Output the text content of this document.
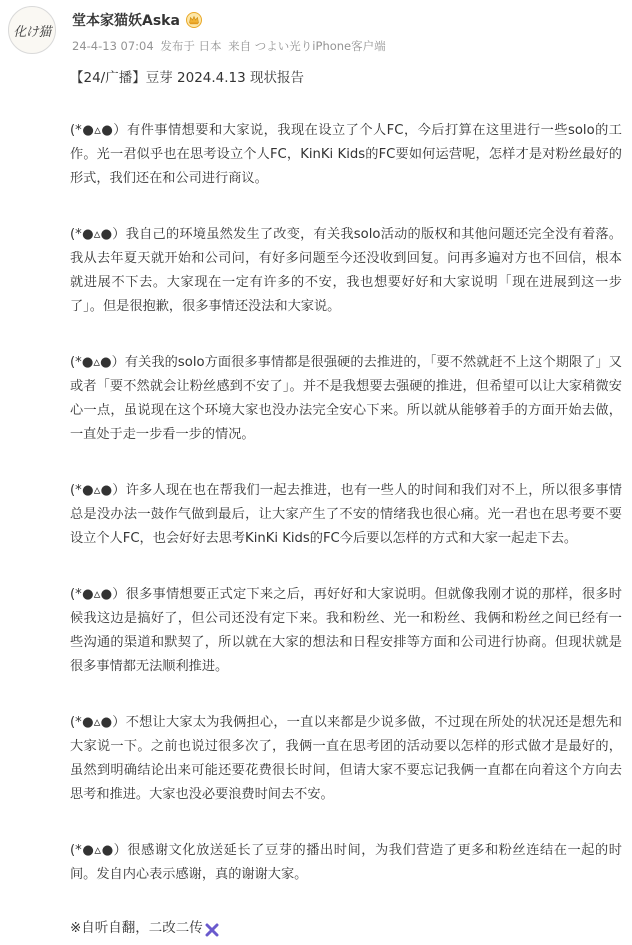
化け猫
堂本家猫妖Aska
24-4-13 07:04 发布于 日本 来自 つよい光りiPhone客户端
【24/广播】豆芽 2024.4.13 现状报告
(*●▵●）有件事情想要和大家说，我现在设立了个人FC，今后打算在这里进行一些solo的工作。光一君似乎也在思考设立个人FC，KinKi Kids的FC要如何运营呢，怎样才是对粉丝最好的形式，我们还在和公司进行商议。
(*●▵●）我自己的环境虽然发生了改变，有关我solo活动的版权和其他问题还完全没有着落。我从去年夏天就开始和公司问，有好多问题至今还没收到回复。问再多遍对方也不回信，根本就进展不下去。大家现在一定有许多的不安，我也想要好好和大家说明「现在进展到这一步了」。但是很抱歉，很多事情还没法和大家说。
(*●▵●）有关我的solo方面很多事情都是很强硬的去推进的，「要不然就赶不上这个期限了」又或者「要不然就会让粉丝感到不安了」。并不是我想要去强硬的推进，但希望可以让大家稍微安心一点，虽说现在这个环境大家也没办法完全安心下来。所以就从能够着手的方面开始去做，一直处于走一步看一步的情况。
(*●▵●）许多人现在也在帮我们一起去推进，也有一些人的时间和我们对不上，所以很多事情总是没办法一鼓作气做到最后，让大家产生了不安的情绪我也很心痛。光一君也在思考要不要设立个人FC，也会好好去思考KinKi Kids的FC今后要以怎样的方式和大家一起走下去。
(*●▵●）很多事情想要正式定下来之后，再好好和大家说明。但就像我刚才说的那样，很多时候我这边是搞好了，但公司还没有定下来。我和粉丝、光一和粉丝、我俩和粉丝之间已经有一些沟通的渠道和默契了，所以就在大家的想法和日程安排等方面和公司进行协商。但现状就是很多事情都无法顺利推进。
(*●▵●）不想让大家太为我俩担心，一直以来都是少说多做，不过现在所处的状况还是想先和大家说一下。之前也说过很多次了，我俩一直在思考团的活动要以怎样的形式做才是最好的，虽然到明确结论出来可能还要花费很长时间，但请大家不要忘记我俩一直都在向着这个方向去思考和推进。大家也没必要浪费时间去不安。
(*●▵●）很感谢文化放送延长了豆芽的播出时间，为我们营造了更多和粉丝连结在一起的时间。发自内心表示感谢，真的谢谢大家。
※自听自翻，二改二传
